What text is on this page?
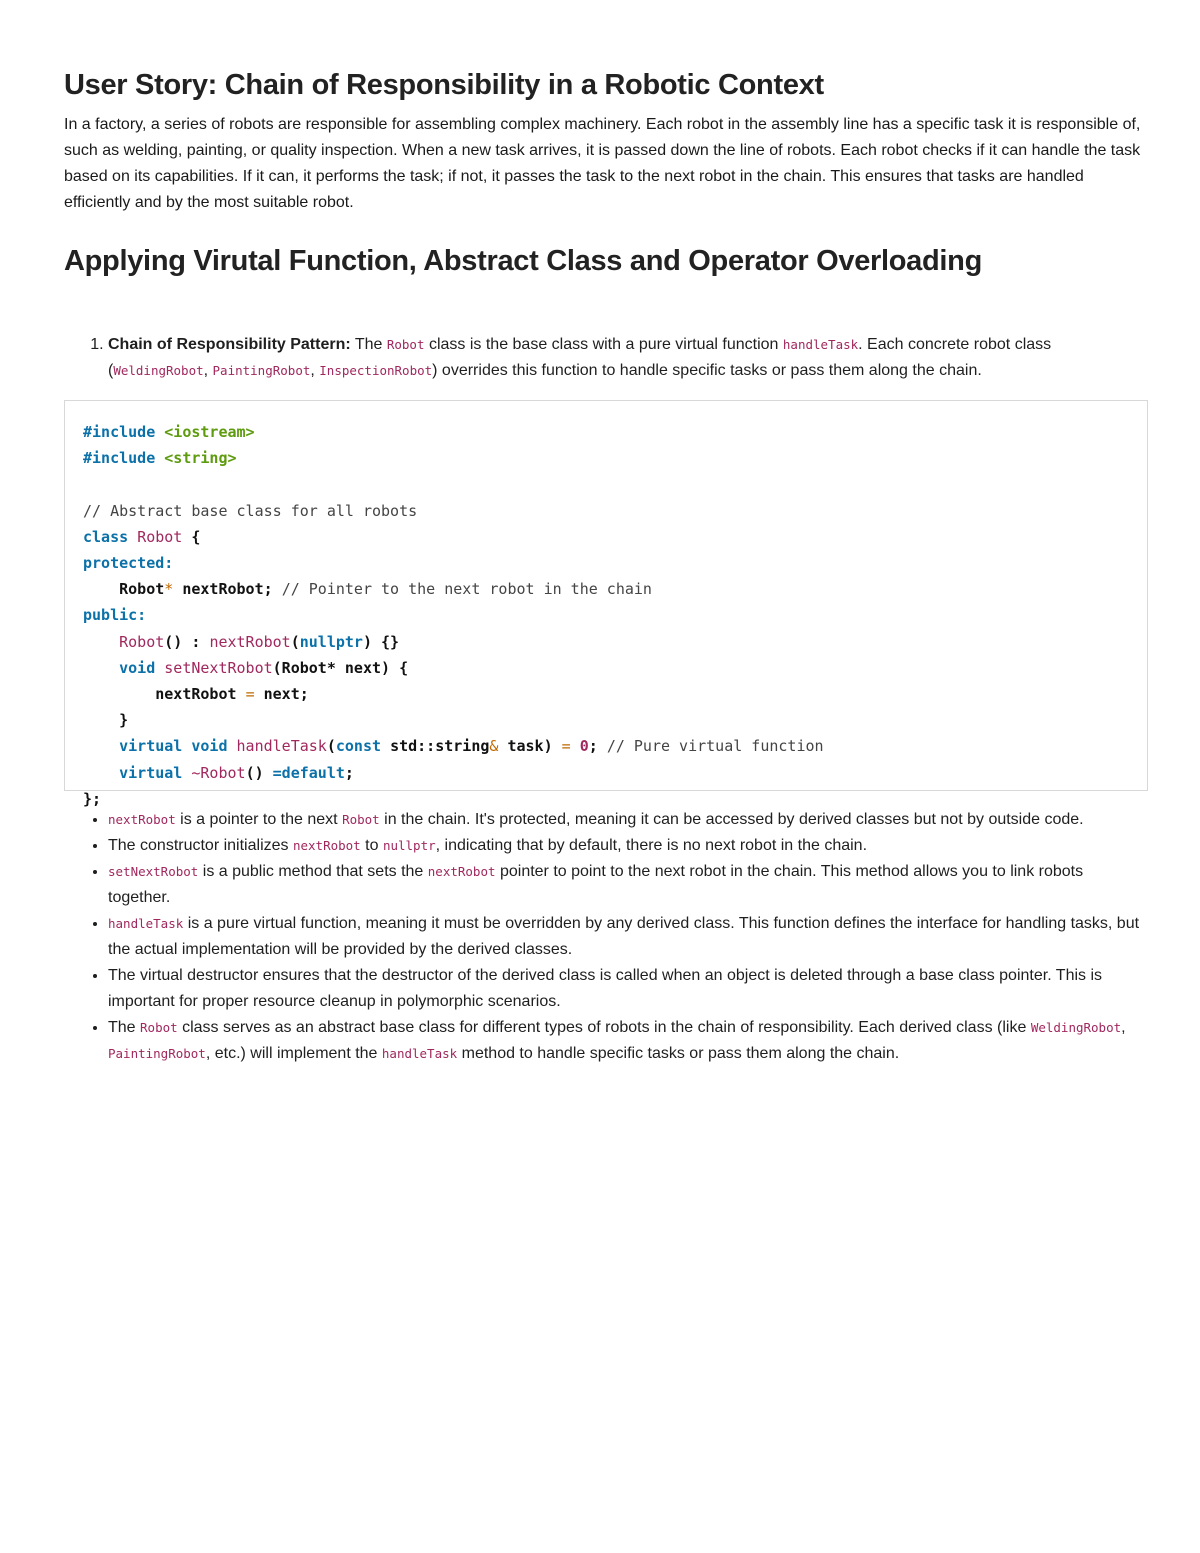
User Story: Chain of Responsibility in a Robotic Context

In a factory, a series of robots are responsible for assembling complex machinery. Each robot in the assembly line has a specific task it is responsible of, such as welding, painting, or quality inspection. When a new task arrives, it is passed down the line of robots. Each robot checks if it can handle the task based on its capabilities. If it can, it performs the task; if not, it passes the task to the next robot in the chain. This ensures that tasks are handled efficiently and by the most suitable robot.

Applying Virutal Function, Abstract Class and Operator Overloading
1. Chain of Responsibility Pattern: The Robot class is the base class with a pure virtual function handleTask. Each concrete robot class (WeldingRobot, PaintingRobot, InspectionRobot) overrides this function to handle specific tasks or pass them along the chain.
#include <iostream>
#include <string>

// Abstract base class for all robots
class Robot {
protected:
Robot* nextRobot; // Pointer to the next robot in the chain
public:
Robot() : nextRobot(nullptr) {}
void setNextRobot(Robot* next) {
nextRobot = next;
}
virtual void handleTask(const std::string& task) = 0; // Pure virtual function
virtual ~Robot() =default;
};
• nextRobot is a pointer to the next Robot in the chain. It's protected, meaning it can be accessed by derived classes but not by outside code.
• The constructor initializes nextRobot to nullptr, indicating that by default, there is no next robot in the chain.
• setNextRobot is a public method that sets the nextRobot pointer to point to the next robot in the chain. This method allows you to link robots together.
• handleTask is a pure virtual function, meaning it must be overridden by any derived class. This function defines the interface for handling tasks, but the actual implementation will be provided by the derived classes.
• The virtual destructor ensures that the destructor of the derived class is called when an object is deleted through a base class pointer. This is important for proper resource cleanup in polymorphic scenarios.
• The Robot class serves as an abstract base class for different types of robots in the chain of responsibility. Each derived class (like WeldingRobot, PaintingRobot, etc.) will implement the handleTask method to handle specific tasks or pass them along the chain.
